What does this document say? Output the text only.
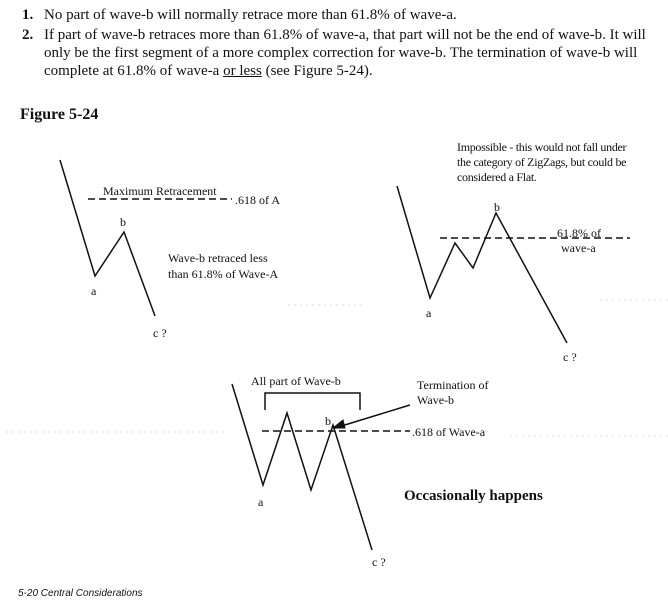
1. No part of wave-b will normally retrace more than 61.8% of wave-a.
2. If part of wave-b retraces more than 61.8% of wave-a, that part will not be the end of wave-b. It will only be the first segment of a more complex correction for wave-b. The termination of wave-b will complete at 61.8% of wave-a or less (see Figure 5-24).
Figure 5-24
Maximum Retracement
.618 of A
Wave-b retraced less than 61.8% of Wave-A
b
a
c ?
Impossible - this would not fall under the category of ZigZags, but could be considered a Flat.
b
61.8% of
wave-a
a
c ?
All part of Wave-b	Termination of Wave-b
b
.618 of Wave-a
a
c ?
Occasionally happens
5-20 Central Considerations
